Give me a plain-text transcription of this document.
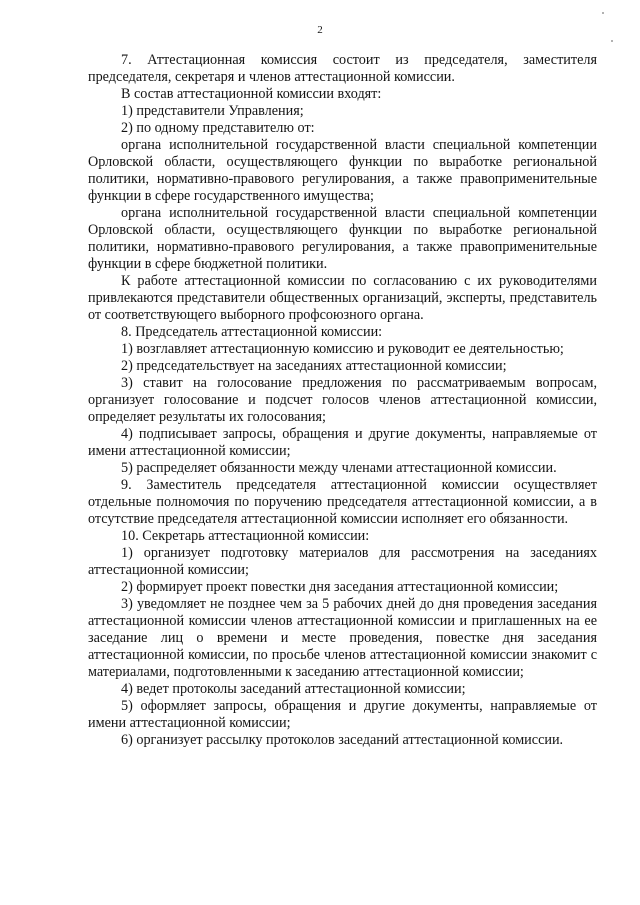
2

7. Аттестационная комиссия состоит из председателя, заместителя председателя, секретаря и членов аттестационной комиссии.

В состав аттестационной комиссии входят:

1) представители Управления;

2) по одному представителю от:

органа исполнительной государственной власти специальной компетенции Орловской области, осуществляющего функции по выработке региональной политики, нормативно-правового регулирования, а также правоприменительные функции в сфере государственного имущества;

органа исполнительной государственной власти специальной компетенции Орловской области, осуществляющего функции по выработке региональной политики, нормативно-правового регулирования, а также правоприменительные функции в сфере бюджетной политики.

К работе аттестационной комиссии по согласованию с их руководителями привлекаются представители общественных организаций, эксперты, представитель от соответствующего выборного профсоюзного органа.

8. Председатель аттестационной комиссии:

1) возглавляет аттестационную комиссию и руководит ее деятельностью;

2) председательствует на заседаниях аттестационной комиссии;

3) ставит на голосование предложения по рассматриваемым вопросам, организует голосование и подсчет голосов членов аттестационной комиссии, определяет результаты их голосования;

4) подписывает запросы, обращения и другие документы, направляемые от имени аттестационной комиссии;

5) распределяет обязанности между членами аттестационной комиссии.

9. Заместитель председателя аттестационной комиссии осуществляет отдельные полномочия по поручению председателя аттестационной комиссии, а в отсутствие председателя аттестационной комиссии исполняет его обязанности.

10. Секретарь аттестационной комиссии:

1) организует подготовку материалов для рассмотрения на заседаниях аттестационной комиссии;

2) формирует проект повестки дня заседания аттестационной комиссии;

3) уведомляет не позднее чем за 5 рабочих дней до дня проведения заседания аттестационной комиссии членов аттестационной комиссии и приглашенных на ее заседание лиц о времени и месте проведения, повестке дня заседания аттестационной комиссии, по просьбе членов аттестационной комиссии знакомит с материалами, подготовленными к заседанию аттестационной комиссии;

4) ведет протоколы заседаний аттестационной комиссии;

5) оформляет запросы, обращения и другие документы, направляемые от имени аттестационной комиссии;

6) организует рассылку протоколов заседаний аттестационной комиссии.
